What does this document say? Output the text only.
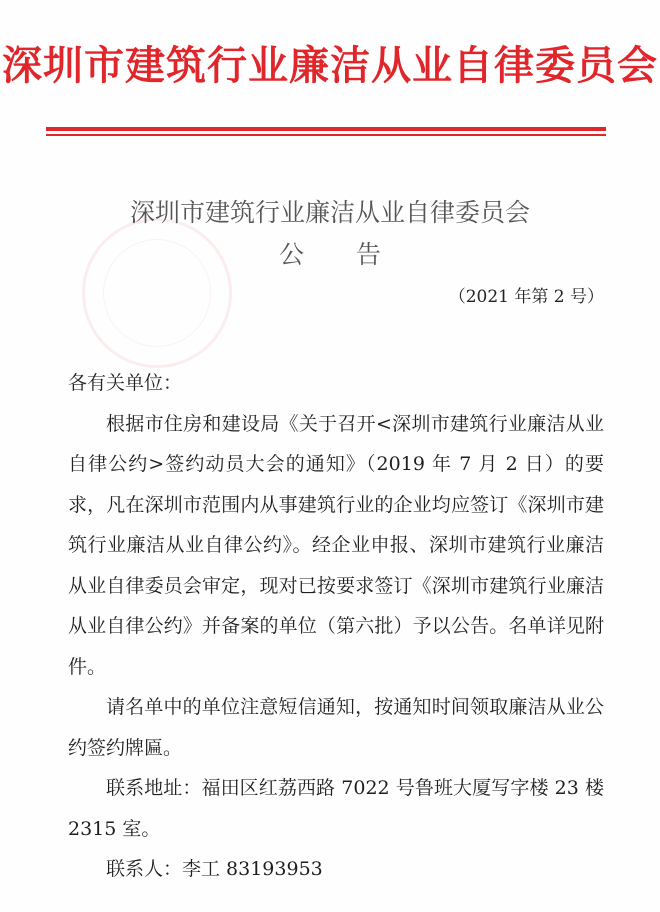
深圳市建筑行业廉洁从业自律委员会
深圳市建筑行业廉洁从业自律委员会
公告
（2021 年第 2 号）

各有关单位：

根据市住房和建设局《关于召开<深圳市建筑行业廉洁从业自律公约>签约动员大会的通知》（2019 年 7 月 2 日）的要求，凡在深圳市范围内从事建筑行业的企业均应签订《深圳市建筑行业廉洁从业自律公约》。经企业申报、深圳市建筑行业廉洁从业自律委员会审定，现对已按要求签订《深圳市建筑行业廉洁从业自律公约》并备案的单位（第六批）予以公告。名单详见附件。

请名单中的单位注意短信通知，按通知时间领取廉洁从业公约签约牌匾。

联系地址：福田区红荔西路 7022 号鲁班大厦写字楼 23 楼 2315 室。

联系人：李工 83193953
